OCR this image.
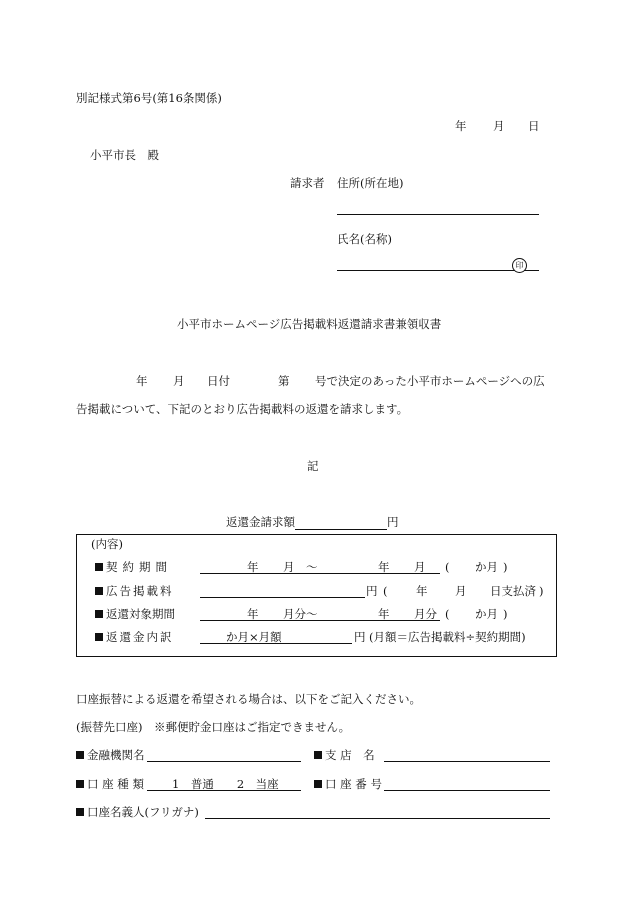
別記様式第6号(第16条関係)
年 月 日
小平市長　殿
請求者 住所(所在地)
氏名(名称)
印
小平市ホームページ広告掲載料返還請求書兼領収書
年 月 日付	第 号で決定のあった小平市ホームページへの広
告掲載について、下記のとおり広告掲載料の返還を請求します。
記
返還金請求額	円
(内容)
契約期間	年 月 ～	年 月 ( か月 )
広告掲載料	円 ( 年 月 日支払済 )
返還対象期間	年 月分～	年 月分 ( か月 )
返還金内訳	か月×月額	円 (月額＝広告掲載料÷契約期間)
口座振替による返還を希望される場合は、以下をご記入ください。
(振替先口座)　※郵便貯金口座はご指定できません。
金融機関名	支 店　名
口 座 種 類 1　普通　　2　当座	口 座 番 号
口座名義人(フリガナ)
